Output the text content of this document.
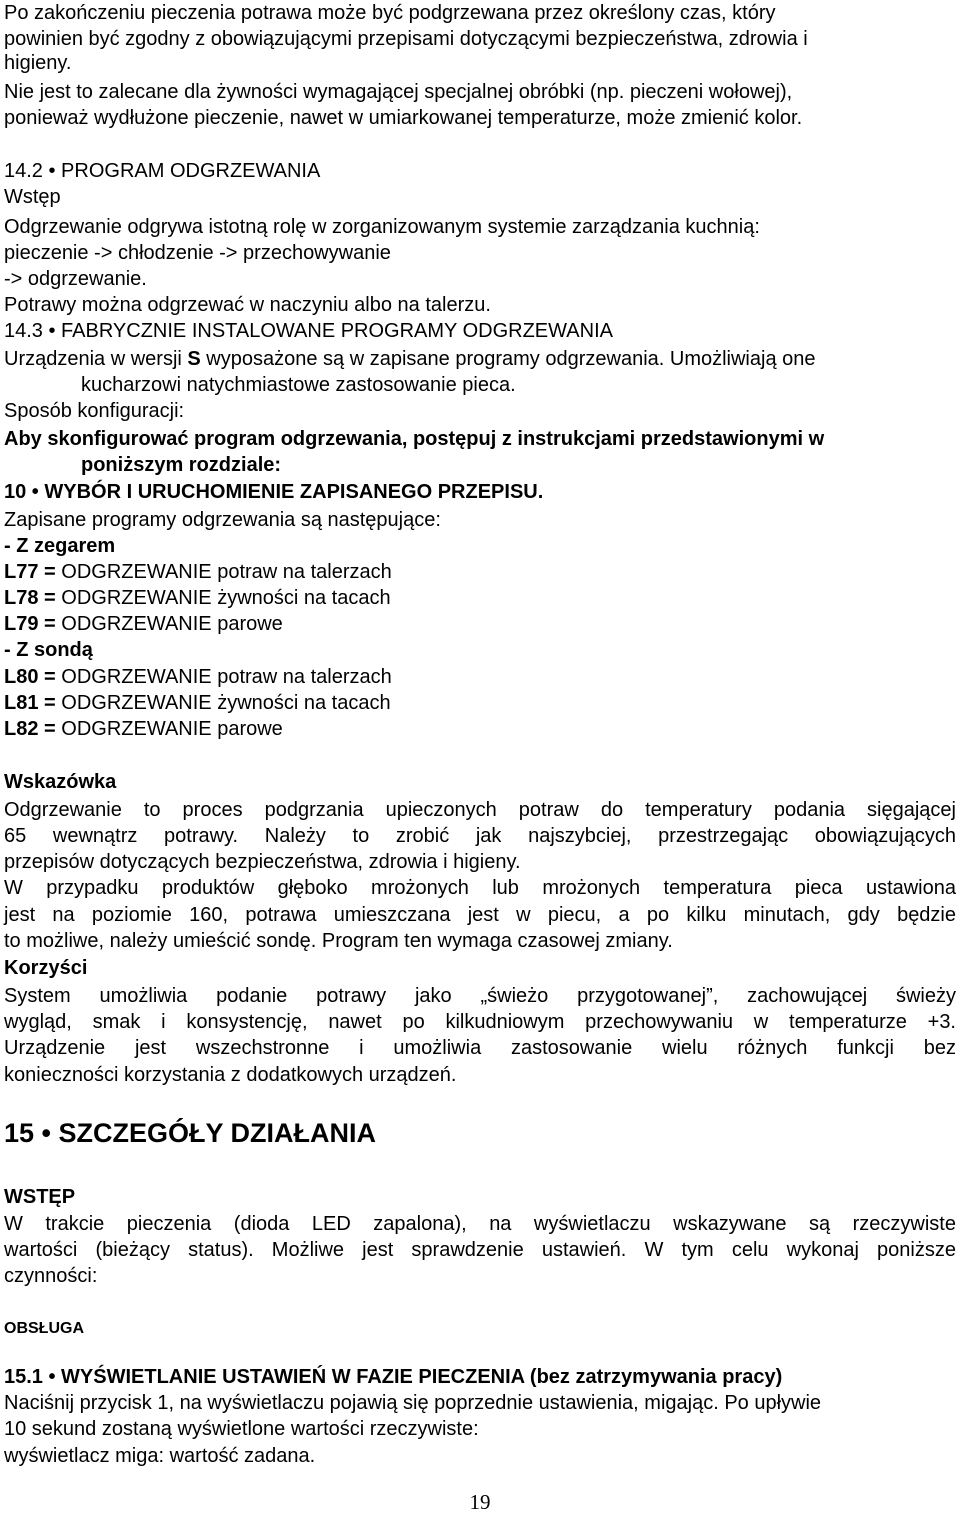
Po zakończeniu pieczenia potrawa może być podgrzewana przez określony czas, który
powinien być zgodny z obowiązującymi przepisami dotyczącymi bezpieczeństwa, zdrowia i
higieny.
Nie jest to zalecane dla żywności wymagającej specjalnej obróbki (np. pieczeni wołowej),
ponieważ wydłużone pieczenie, nawet w umiarkowanej temperaturze, może zmienić kolor.
14.2 • PROGRAM ODGRZEWANIA
Wstęp
Odgrzewanie odgrywa istotną rolę w zorganizowanym systemie zarządzania kuchnią:
pieczenie -> chłodzenie -> przechowywanie
-> odgrzewanie.
Potrawy można odgrzewać w naczyniu albo na talerzu.
14.3 • FABRYCZNIE INSTALOWANE PROGRAMY ODGRZEWANIA
Urządzenia w wersji S wyposażone są w zapisane programy odgrzewania. Umożliwiają one
kucharzowi natychmiastowe zastosowanie pieca.
Sposób konfiguracji:
Aby skonfigurować program odgrzewania, postępuj z instrukcjami przedstawionymi w
poniższym rozdziale:
10 • WYBÓR I URUCHOMIENIE ZAPISANEGO PRZEPISU.
Zapisane programy odgrzewania są następujące:
- Z zegarem
L77 = ODGRZEWANIE potraw na talerzach
L78 = ODGRZEWANIE żywności na tacach
L79 = ODGRZEWANIE parowe
- Z sondą
L80 = ODGRZEWANIE potraw na talerzach
L81 = ODGRZEWANIE żywności na tacach
L82 = ODGRZEWANIE parowe
Wskazówka
Odgrzewanie to proces podgrzania upieczonych potraw do temperatury podania sięgającej
65 wewnątrz potrawy. Należy to zrobić jak najszybciej, przestrzegając obowiązujących
przepisów dotyczących bezpieczeństwa, zdrowia i higieny.
W przypadku produktów głęboko mrożonych lub mrożonych temperatura pieca ustawiona
jest na poziomie 160, potrawa umieszczana jest w piecu, a po kilku minutach, gdy będzie
to możliwe, należy umieścić sondę. Program ten wymaga czasowej zmiany.
Korzyści
System umożliwia podanie potrawy jako „świeżo przygotowanej”, zachowującej świeży
wygląd, smak i konsystencję, nawet po kilkudniowym przechowywaniu w temperaturze +3.
Urządzenie jest wszechstronne i umożliwia zastosowanie wielu różnych funkcji bez
konieczności korzystania z dodatkowych urządzeń.
15 • SZCZEGÓŁY DZIAŁANIA
WSTĘP
W trakcie pieczenia (dioda LED zapalona), na wyświetlaczu wskazywane są rzeczywiste
wartości (bieżący status). Możliwe jest sprawdzenie ustawień. W tym celu wykonaj poniższe
czynności:
OBSŁUGA
15.1 • WYŚWIETLANIE USTAWIEŃ W FAZIE PIECZENIA (bez zatrzymywania pracy)
Naciśnij przycisk 1, na wyświetlaczu pojawią się poprzednie ustawienia, migając. Po upływie
10 sekund zostaną wyświetlone wartości rzeczywiste:
wyświetlacz miga: wartość zadana.
19
